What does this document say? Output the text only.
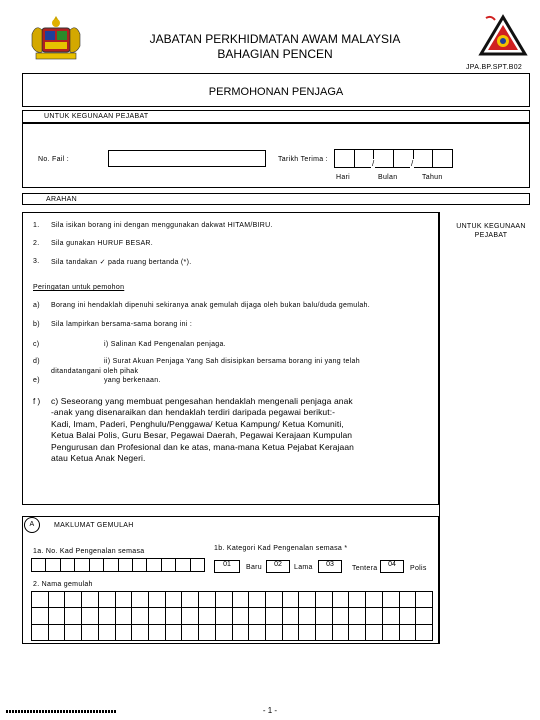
JABATAN PERKHIDMATAN AWAM MALAYSIA
BAHAGIAN PENCEN
JPA.BP.SPT.B02
PERMOHONAN PENJAGA
UNTUK KEGUNAAN PEJABAT
No. Fail :	Tarikh Terima :	/	/
Hari	Bulan	Tahun
ARAHAN
UNTUK KEGUNAAN PEJABAT
1. Sila isikan borang ini dengan menggunakan dakwat HITAM/BIRU.
2. Sila gunakan HURUF BESAR.
3. Sila tandakan ✓ pada ruang bertanda (*).
Peringatan untuk pemohon
a) Borang ini hendaklah dipenuhi sekiranya anak gemulah dijaga oleh bukan balu/duda gemulah.
b) Sila lampirkan bersama-sama borang ini :
c)	i) Salinan Kad Pengenalan penjaga.
d)	ii) Surat Akuan Penjaga Yang Sah disisipkan bersama borang ini yang telah
ditandatangani oleh pihak
e)	yang berkenaan.
f ) c) Seseorang yang membuat pengesahan hendaklah mengenali penjaga anak
-anak yang disenaraikan dan hendaklah terdiri daripada pegawai berikut:-
Kadi, Imam, Paderi, Penghulu/Penggawa/ Ketua Kampung/ Ketua Komuniti,
Ketua Balai Polis, Guru Besar, Pegawai Daerah, Pegawai Kerajaan Kumpulan
Pengurusan dan Profesional dan ke atas, mana-mana Ketua Pejabat Kerajaan
atau Ketua Anak Negeri.
A	MAKLUMAT GEMULAH
1a. No. Kad Pengenalan semasa	1b. Kategori Kad Pengenalan semasa *
01	Baru	02	Lama	03
Tentera
04
Polis
2. Nama gemulah
- 1 -
